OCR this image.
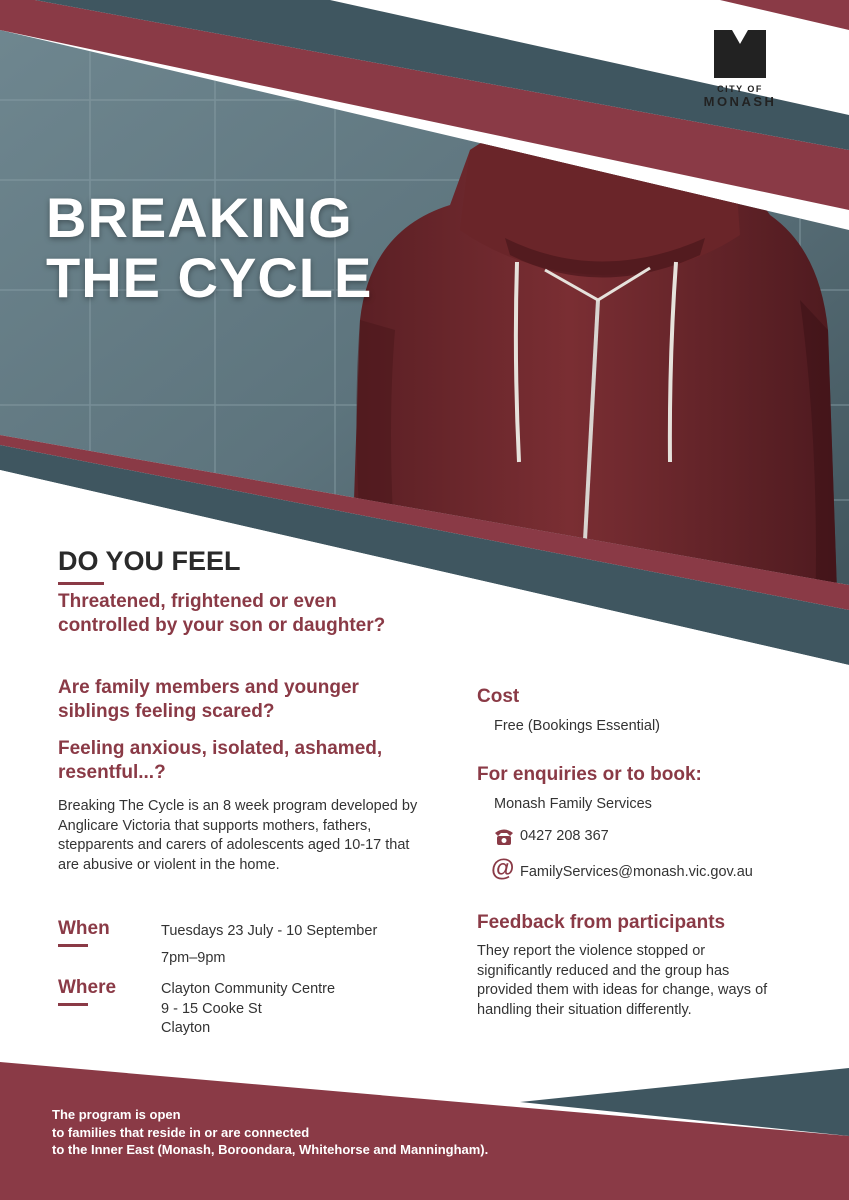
CITY OF
MONASH
BREAKING
THE CYCLE
DO YOU FEEL
Threatened, frightened or even controlled by your son or daughter?
Are family members and younger siblings feeling scared?
Feeling anxious, isolated, ashamed, resentful...?
Breaking The Cycle is an 8 week program developed by Anglicare Victoria that supports mothers, fathers, stepparents and carers of adolescents aged 10-17 that are abusive or violent in the home.
When	Tuesdays 23 July - 10 September
7pm–9pm
Where	Clayton Community Centre
9 - 15 Cooke St
Clayton
Cost
Free (Bookings Essential)
For enquiries or to book:
Monash Family Services
0427 208 367
@ FamilyServices@monash.vic.gov.au
Feedback from participants
They report the violence stopped or significantly reduced and the group has provided them with ideas for change, ways of handling their situation differently.
The program is open
to families that reside in or are connected
to the Inner East (Monash, Boroondara, Whitehorse and Manningham).
